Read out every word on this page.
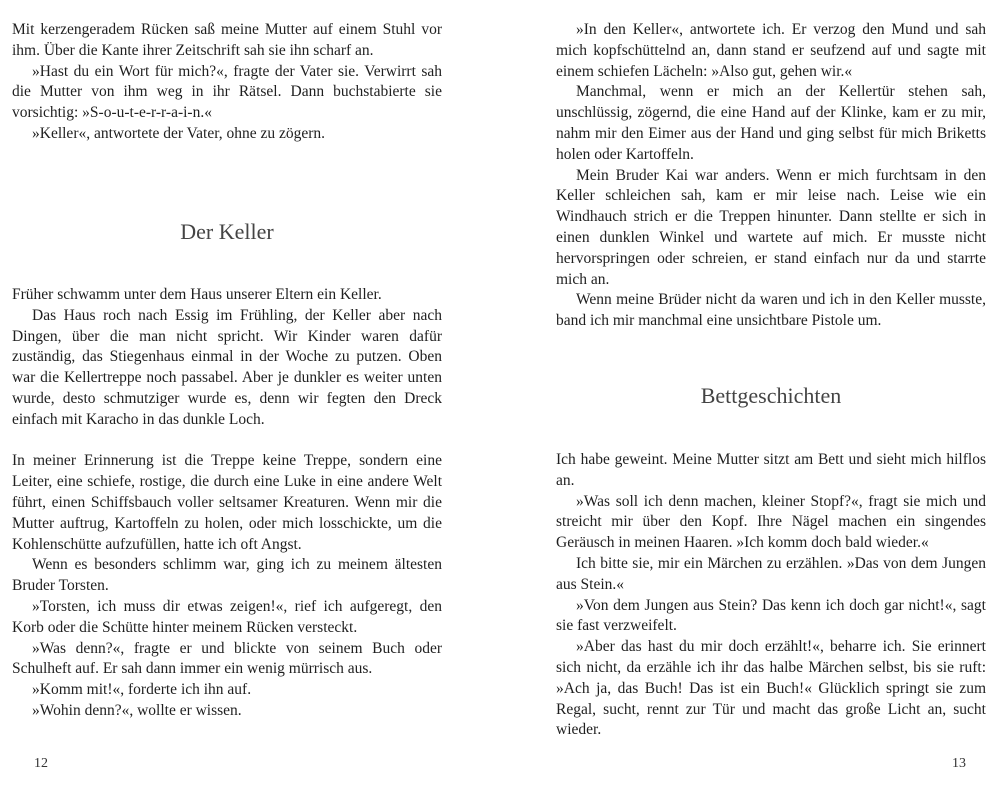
Mit kerzengeradem Rücken saß meine Mutter auf einem Stuhl vor ihm. Über die Kante ihrer Zeitschrift sah sie ihn scharf an.

»Hast du ein Wort für mich?«, fragte der Vater sie. Verwirrt sah die Mutter von ihm weg in ihr Rätsel. Dann buchstabierte sie vorsichtig: »S-o-u-t-e-r-r-a-i-n.«

»Keller«, antwortete der Vater, ohne zu zögern.

Der Keller

Früher schwamm unter dem Haus unserer Eltern ein Keller.

Das Haus roch nach Essig im Frühling, der Keller aber nach Dingen, über die man nicht spricht. Wir Kinder waren dafür zuständig, das Stiegenhaus einmal in der Woche zu putzen. Oben war die Kellertreppe noch passabel. Aber je dunkler es weiter unten wurde, desto schmutziger wurde es, denn wir fegten den Dreck einfach mit Karacho in das dunkle Loch.

In meiner Erinnerung ist die Treppe keine Treppe, sondern eine Leiter, eine schiefe, rostige, die durch eine Luke in eine andere Welt führt, einen Schiffsbauch voller seltsamer Kreaturen. Wenn mir die Mutter auftrug, Kartoffeln zu holen, oder mich losschickte, um die Kohlenschütte aufzufüllen, hatte ich oft Angst.

Wenn es besonders schlimm war, ging ich zu meinem ältesten Bruder Torsten.

»Torsten, ich muss dir etwas zeigen!«, rief ich aufgeregt, den Korb oder die Schütte hinter meinem Rücken versteckt.

»Was denn?«, fragte er und blickte von seinem Buch oder Schulheft auf. Er sah dann immer ein wenig mürrisch aus.

»Komm mit!«, forderte ich ihn auf.

»Wohin denn?«, wollte er wissen.

12

»In den Keller«, antwortete ich. Er verzog den Mund und sah mich kopfschüttelnd an, dann stand er seufzend auf und sagte mit einem schiefen Lächeln: »Also gut, gehen wir.«

Manchmal, wenn er mich an der Kellertür stehen sah, unschlüssig, zögernd, die eine Hand auf der Klinke, kam er zu mir, nahm mir den Eimer aus der Hand und ging selbst für mich Briketts holen oder Kartoffeln.

Mein Bruder Kai war anders. Wenn er mich furchtsam in den Keller schleichen sah, kam er mir leise nach. Leise wie ein Windhauch strich er die Treppen hinunter. Dann stellte er sich in einen dunklen Winkel und wartete auf mich. Er musste nicht hervorspringen oder schreien, er stand einfach nur da und starrte mich an.

Wenn meine Brüder nicht da waren und ich in den Keller musste, band ich mir manchmal eine unsichtbare Pistole um.

Bettgeschichten

Ich habe geweint. Meine Mutter sitzt am Bett und sieht mich hilflos an.

»Was soll ich denn machen, kleiner Stopf?«, fragt sie mich und streicht mir über den Kopf. Ihre Nägel machen ein singendes Geräusch in meinen Haaren. »Ich komm doch bald wieder.«

Ich bitte sie, mir ein Märchen zu erzählen. »Das von dem Jungen aus Stein.«

»Von dem Jungen aus Stein? Das kenn ich doch gar nicht!«, sagt sie fast verzweifelt.

»Aber das hast du mir doch erzählt!«, beharre ich. Sie erinnert sich nicht, da erzähle ich ihr das halbe Märchen selbst, bis sie ruft: »Ach ja, das Buch! Das ist ein Buch!« Glücklich springt sie zum Regal, sucht, rennt zur Tür und macht das große Licht an, sucht wieder.

13
